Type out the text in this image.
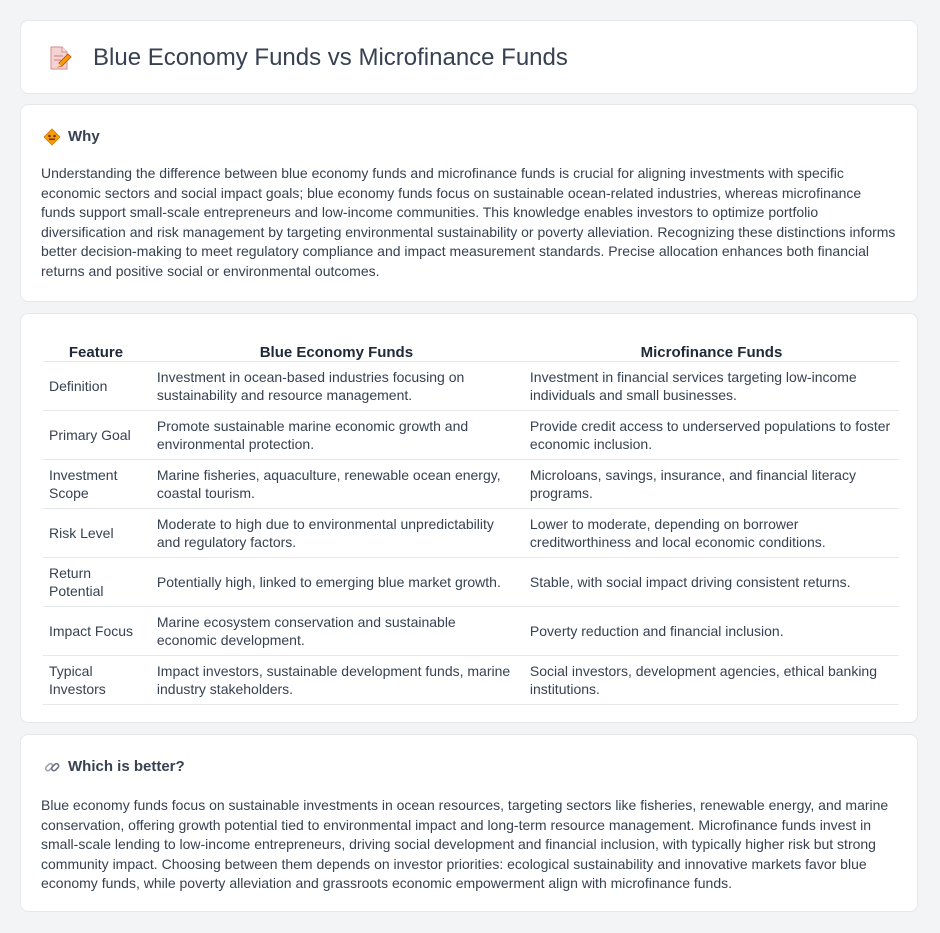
Blue Economy Funds vs Microfinance Funds
Why

Understanding the difference between blue economy funds and microfinance funds is crucial for aligning investments with specific economic sectors and social impact goals; blue economy funds focus on sustainable ocean-related industries, whereas microfinance funds support small-scale entrepreneurs and low-income communities. This knowledge enables investors to optimize portfolio diversification and risk management by targeting environmental sustainability or poverty alleviation. Recognizing these distinctions informs better decision-making to meet regulatory compliance and impact measurement standards. Precise allocation enhances both financial returns and positive social or environmental outcomes.

Feature		Blue Economy Funds		Microfinance Funds
Definition		Investment in ocean-based industries focusing on sustainability and resource management.		Investment in financial services targeting low-income individuals and small businesses.
Primary Goal		Promote sustainable marine economic growth and environmental protection.		Provide credit access to underserved populations to foster economic inclusion.
Investment Scope		Marine fisheries, aquaculture, renewable ocean energy, coastal tourism.		Microloans, savings, insurance, and financial literacy programs.
Risk Level		Moderate to high due to environmental unpredictability and regulatory factors.		Lower to moderate, depending on borrower creditworthiness and local economic conditions.
Return Potential		Potentially high, linked to emerging blue market growth.		Stable, with social impact driving consistent returns.
Impact Focus		Marine ecosystem conservation and sustainable economic development.		Poverty reduction and financial inclusion.
Typical Investors		Impact investors, sustainable development funds, marine industry stakeholders.		Social investors, development agencies, ethical banking institutions.
Which is better?

Blue economy funds focus on sustainable investments in ocean resources, targeting sectors like fisheries, renewable energy, and marine conservation, offering growth potential tied to environmental impact and long-term resource management. Microfinance funds invest in small-scale lending to low-income entrepreneurs, driving social development and financial inclusion, with typically higher risk but strong community impact. Choosing between them depends on investor priorities: ecological sustainability and innovative markets favor blue economy funds, while poverty alleviation and grassroots economic empowerment align with microfinance funds.
